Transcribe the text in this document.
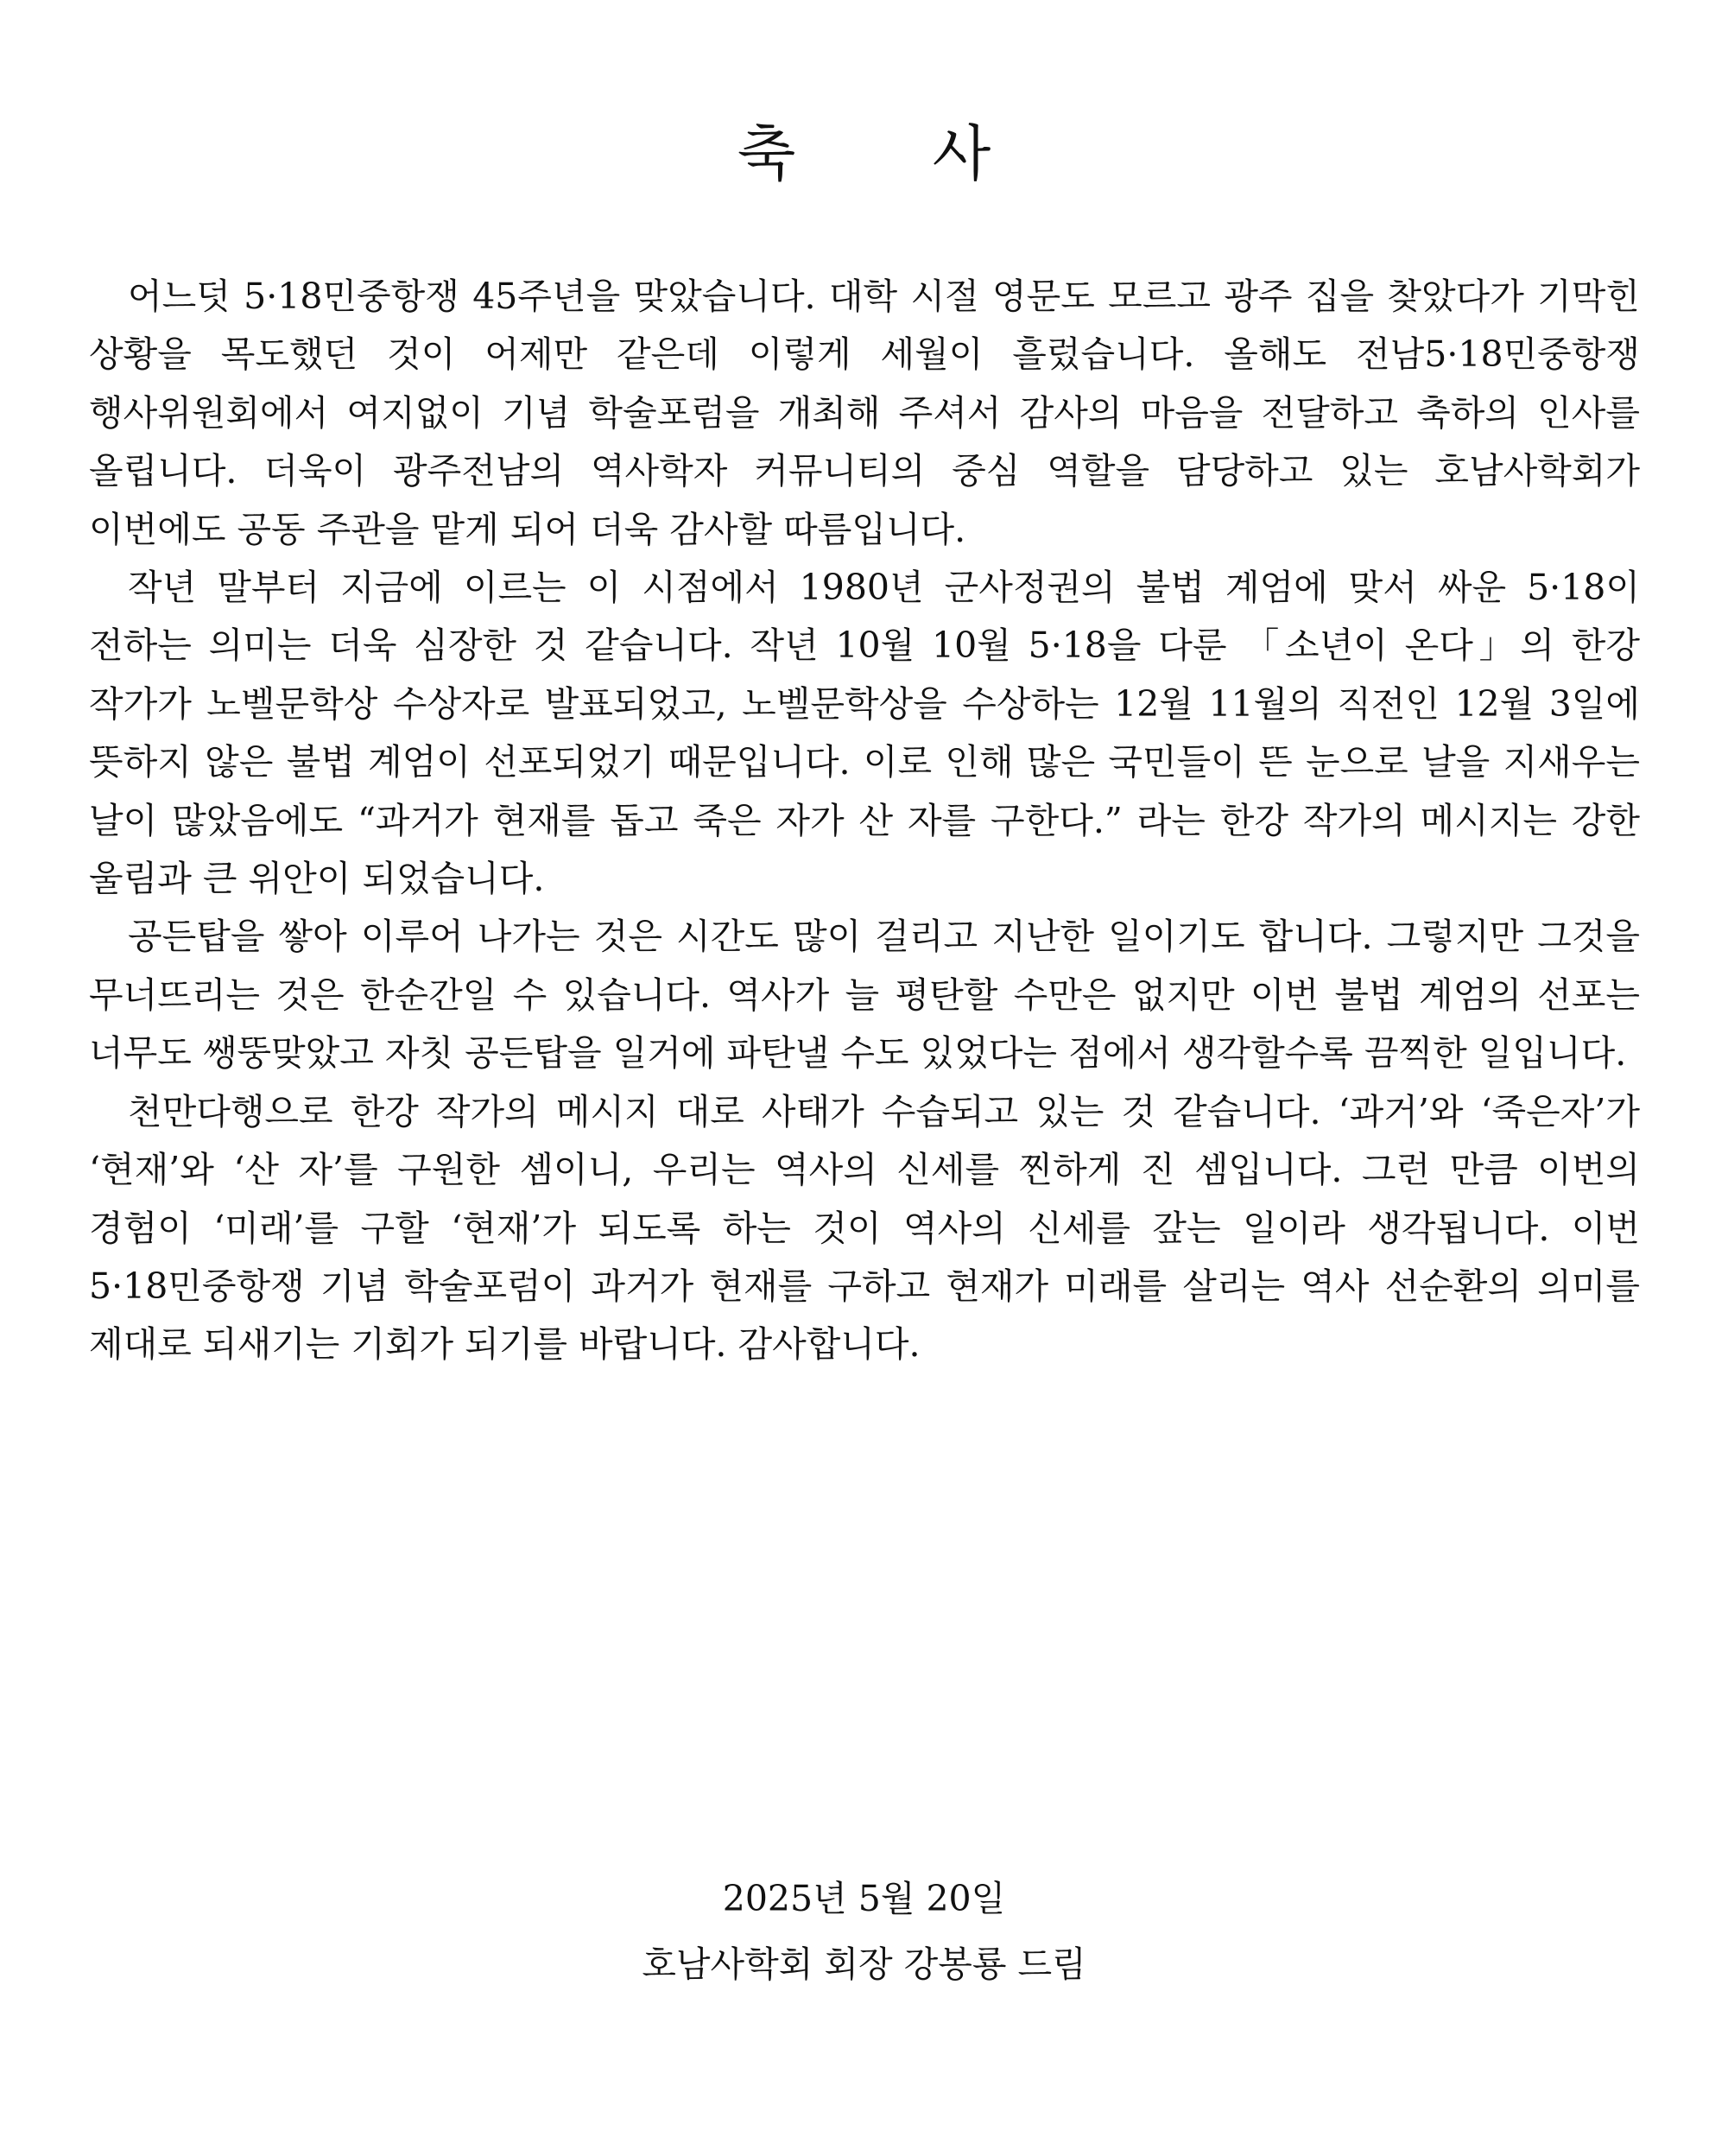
축 사

어느덧 5·18민중항쟁 45주년을 맞았습니다. 대학 시절 영문도 모르고 광주 집을 찾았다가 기막힌 상황을 목도했던 것이 어제만 같은데 이렇게 세월이 흘렀습니다. 올해도 전남5·18민중항쟁 행사위원회에서 여지없이 기념 학술포럼을 개최해 주셔서 감사의 마음을 전달하고 축하의 인사를 올립니다. 더욱이 광주전남의 역사학자 커뮤니티의 중심 역할을 담당하고 있는 호남사학회가 이번에도 공동 주관을 맡게 되어 더욱 감사할 따름입니다.

작년 말부터 지금에 이르는 이 시점에서 1980년 군사정권의 불법 계엄에 맞서 싸운 5·18이 전하는 의미는 더욱 심장한 것 같습니다. 작년 10월 10월 5·18을 다룬 「소년이 온다」의 한강 작가가 노벨문학상 수상자로 발표되었고, 노벨문학상을 수상하는 12월 11월의 직전인 12월 3일에 뜻하지 않은 불법 계엄이 선포되었기 때문입니다. 이로 인해 많은 국민들이 뜬 눈으로 날을 지새우는 날이 많았음에도 “과거가 현재를 돕고 죽은 자가 산 자를 구한다.” 라는 한강 작가의 메시지는 강한 울림과 큰 위안이 되었습니다.

공든탑을 쌓아 이루어 나가는 것은 시간도 많이 걸리고 지난한 일이기도 합니다. 그렇지만 그것을 무너뜨리는 것은 한순간일 수 있습니다. 역사가 늘 평탄할 수만은 없지만 이번 불법 계엄의 선포는 너무도 쌩뚱맞았고 자칫 공든탑을 일거에 파탄낼 수도 있었다는 점에서 생각할수록 끔찍한 일입니다.

천만다행으로 한강 작가의 메시지 대로 사태가 수습되고 있는 것 같습니다. ‘과거’와 ‘죽은자’가 ‘현재’와 ‘산 자’를 구원한 셈이니, 우리는 역사의 신세를 찐하게 진 셈입니다. 그런 만큼 이번의 경험이 ‘미래’를 구할 ‘현재’가 되도록 하는 것이 역사의 신세를 갚는 일이라 생각됩니다. 이번 5·18민중항쟁 기념 학술포럼이 과거가 현재를 구하고 현재가 미래를 살리는 역사 선순환의 의미를 제대로 되새기는 기회가 되기를 바랍니다. 감사합니다.

2025년 5월 20일

호남사학회 회장 강봉룡 드림
